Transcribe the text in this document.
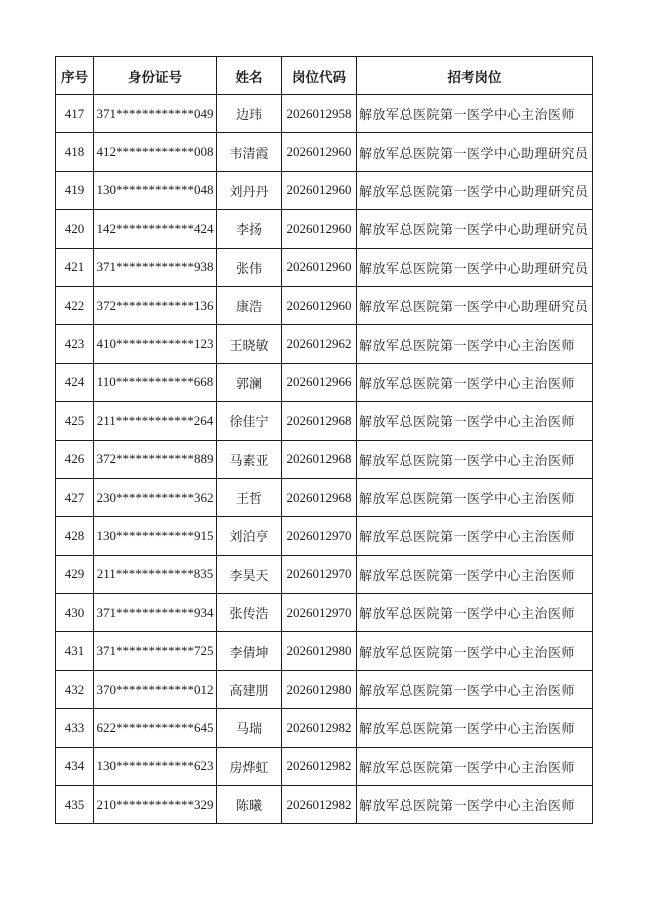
序号	身份证号	姓名	岗位代码	招考岗位
417	371************049	边玮	2026012958	解放军总医院第一医学中心主治医师
418	412************008	韦清霞	2026012960	解放军总医院第一医学中心助理研究员
419	130************048	刘丹丹	2026012960	解放军总医院第一医学中心助理研究员
420	142************424	李扬	2026012960	解放军总医院第一医学中心助理研究员
421	371************938	张伟	2026012960	解放军总医院第一医学中心助理研究员
422	372************136	康浩	2026012960	解放军总医院第一医学中心助理研究员
423	410************123	王晓敏	2026012962	解放军总医院第一医学中心主治医师
424	110************668	郭澜	2026012966	解放军总医院第一医学中心主治医师
425	211************264	徐佳宁	2026012968	解放军总医院第一医学中心主治医师
426	372************889	马素亚	2026012968	解放军总医院第一医学中心主治医师
427	230************362	王哲	2026012968	解放军总医院第一医学中心主治医师
428	130************915	刘泊亨	2026012970	解放军总医院第一医学中心主治医师
429	211************835	李昊天	2026012970	解放军总医院第一医学中心主治医师
430	371************934	张传浩	2026012970	解放军总医院第一医学中心主治医师
431	371************725	李倩坤	2026012980	解放军总医院第一医学中心主治医师
432	370************012	高建朋	2026012980	解放军总医院第一医学中心主治医师
433	622************645	马瑞	2026012982	解放军总医院第一医学中心主治医师
434	130************623	房烨虹	2026012982	解放军总医院第一医学中心主治医师
435	210************329	陈曦	2026012982	解放军总医院第一医学中心主治医师
